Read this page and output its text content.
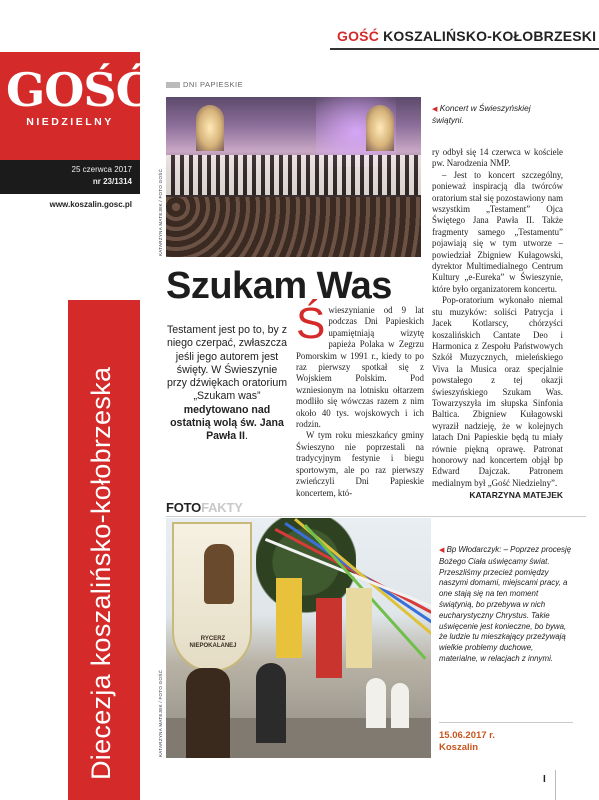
GOŚĆ
NIEDZIELNY
25 czerwca 2017
nr 23/1314
www.koszalin.gosc.pl
Diecezja koszalińsko-kołobrzeska
GOŚĆ KOSZALIŃSKO-KOŁOBRZESKI
DNI PAPIESKIE
KATARZYNA MATEJEK / FOTO GOŚĆ
◀ Koncert w Świeszyńskiej świątyni.
Szukam Was
Testament jest po to, by z niego czerpać, zwłaszcza jeśli jego autorem jest święty. W Świeszynie przy dźwiękach oratorium „Szukam was” medytowano nad ostatnią wolą św. Jana Pawła II.

Świeszynianie od 9 lat podczas Dni Papieskich upamiętniają wizytę papieża Polaka w Zegrzu Pomorskim w 1991 r., kiedy to po raz pierwszy spotkał się z Wojskiem Polskim. Pod wzniesionym na lotnisku ołtarzem modliło się wówczas razem z nim około 40 tys. wojskowych i ich rodzin.

W tym roku mieszkańcy gminy Świeszyno nie poprzestali na tradycyjnym festynie i biegu sportowym, ale po raz pierwszy zwieńczyli Dni Papieskie koncertem, któ-

ry odbył się 14 czerwca w kościele pw. Narodzenia NMP.

– Jest to koncert szczególny, ponieważ inspiracją dla twórców oratorium stał się pozostawiony nam wszystkim „Testament” Ojca Świętego Jana Pawła II. Także fragmenty samego „Testamentu” pojawiają się w tym utworze – powiedział Zbigniew Kułagowski, dyrektor Multimedialnego Centrum Kultury „e-Eureka” w Świeszynie, które było organizatorem koncertu.

Pop-oratorium wykonało niemal stu muzyków: soliści Patrycja i Jacek Kotlarscy, chórzyści koszalińskich Cantate Deo i Harmonica z Zespołu Państwowych Szkół Muzycznych, mieleńskiego Viva la Musica oraz specjalnie powstałego z tej okazji świeszyńskiego Szukam Was. Towarzyszyła im słupska Sinfonia Baltica. Zbigniew Kułagowski wyraził nadzieję, że w kolejnych latach Dni Papieskie będą tu miały równie piękną oprawę. Patronat honorowy nad koncertem objął bp Edward Dajczak. Patronem medialnym był „Gość Niedzielny”.

KATARZYNA MATEJEK
FOTOFAKTY
RYCERZ NIEPOKALANEJ
KATARZYNA MATEJEK / FOTO GOŚĆ
◀ Bp Włodarczyk: – Poprzez procesję Bożego Ciała uświęcamy świat. Przeszliśmy przecież pomiędzy naszymi domami, miejscami pracy, a one stają się na ten moment świątynią, bo przebywa w nich eucharystyczny Chrystus. Takie uświęcenie jest konieczne, bo bywa, że ludzie tu mieszkający przeżywają wielkie problemy duchowe, materialne, w relacjach z innymi.
15.06.2017 r.
Koszalin
I
